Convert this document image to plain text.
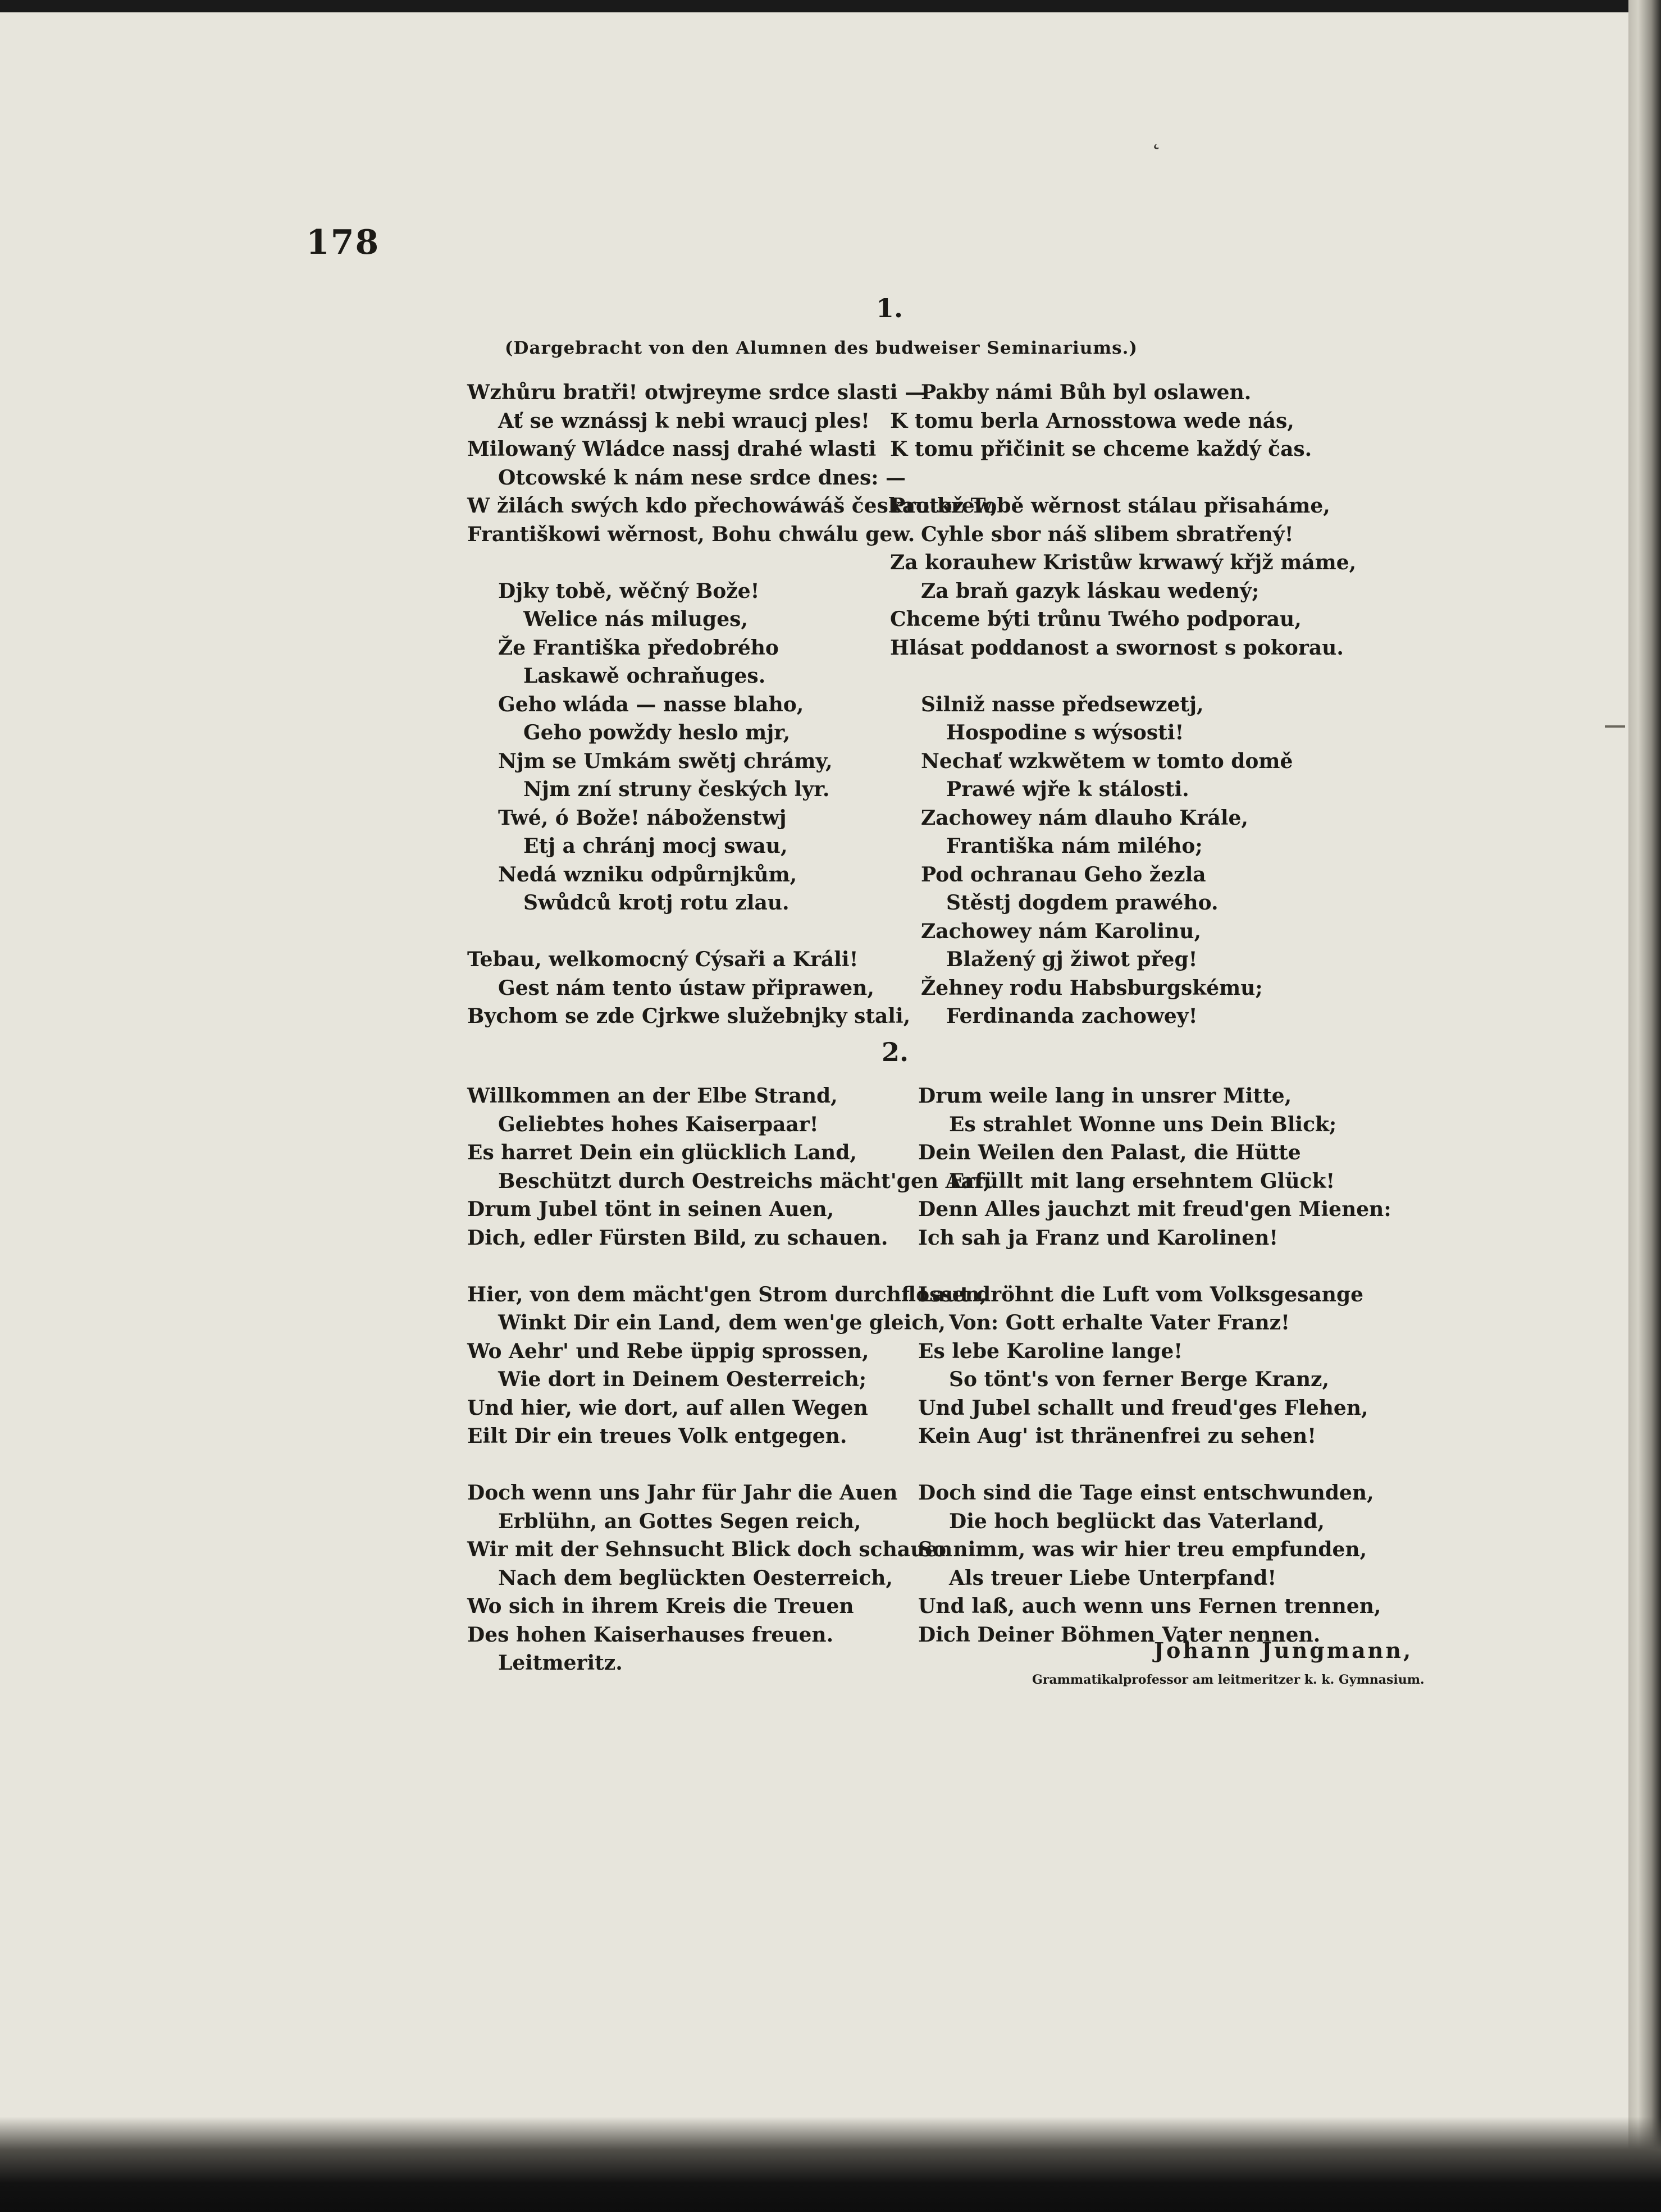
˛
178
1.
(Dargebracht von den Alumnen des budweiser Seminariums.)
Wzhůru bratři! otwjreyme srdce slasti —
Ať se wznássj k nebi wraucj ples!
Milowaný Wládce nassj drahé wlasti
Otcowské k nám nese srdce dnes: —
W žilách swých kdo přechowáwáš českau krew,
Františkowi wěrnost, Bohu chwálu gew.
Djky tobě, wěčný Bože!
Welice nás miluges,
Že Františka předobrého
Laskawě ochraňuges.
Geho wláda — nasse blaho,
Geho powždy heslo mjr,
Njm se Umkám swětj chrámy,
Njm zní struny českých lyr.
Twé, ó Bože! náboženstwj
Etj a chránj mocj swau,
Nedá wzniku odpůrnjkům,
Swůdců krotj rotu zlau.
Tebau, welkomocný Cýsaři a Králi!
Gest nám tento ústaw připrawen,
Bychom se zde Cjrkwe služebnjky stali,
Pakby námi Bůh byl oslawen.
K tomu berla Arnosstowa wede nás,
K tomu přičinit se chceme každý čas.
Protož Tobě wěrnost stálau přisaháme,
Cyhle sbor náš slibem sbratřený!
Za korauhew Kristůw krwawý křjž máme,
Za braň gazyk láskau wedený;
Chceme býti trůnu Twého podporau,
Hlásat poddanost a swornost s pokorau.
Silniž nasse předsewzetj,
Hospodine s wýsosti!
Nechať wzkwětem w tomto domě
Prawé wjře k stálosti.
Zachowey nám dlauho Krále,
Františka nám milého;
Pod ochranau Geho žezla
Stěstj dogdem prawého.
Zachowey nám Karolinu,
Blažený gj žiwot přeg!
Žehney rodu Habsburgskému;
Ferdinanda zachowey!
2.
Willkommen an der Elbe Strand,
Geliebtes hohes Kaiserpaar!
Es harret Dein ein glücklich Land,
Beschützt durch Oestreichs mächt'gen Aar,
Drum Jubel tönt in seinen Auen,
Dich, edler Fürsten Bild, zu schauen.
Hier, von dem mächt'gen Strom durchflossen,
Winkt Dir ein Land, dem wen'ge gleich,
Wo Aehr' und Rebe üppig sprossen,
Wie dort in Deinem Oesterreich;
Und hier, wie dort, auf allen Wegen
Eilt Dir ein treues Volk entgegen.
Doch wenn uns Jahr für Jahr die Auen
Erblühn, an Gottes Segen reich,
Wir mit der Sehnsucht Blick doch schauen
Nach dem beglückten Oesterreich,
Wo sich in ihrem Kreis die Treuen
Des hohen Kaiserhauses freuen.
Leitmeritz.
Drum weile lang in unsrer Mitte,
Es strahlet Wonne uns Dein Blick;
Dein Weilen den Palast, die Hütte
Erfüllt mit lang ersehntem Glück!
Denn Alles jauchzt mit freud'gen Mienen:
Ich sah ja Franz und Karolinen!
Laut dröhnt die Luft vom Volksgesange
Von: Gott erhalte Vater Franz!
Es lebe Karoline lange!
So tönt's von ferner Berge Kranz,
Und Jubel schallt und freud'ges Flehen,
Kein Aug' ist thränenfrei zu sehen!
Doch sind die Tage einst entschwunden,
Die hoch beglückt das Vaterland,
So nimm, was wir hier treu empfunden,
Als treuer Liebe Unterpfand!
Und laß, auch wenn uns Fernen trennen,
Dich Deiner Böhmen Vater nennen.
Johann Jungmann,
Grammatikalprofessor am leitmeritzer k. k. Gymnasium.
